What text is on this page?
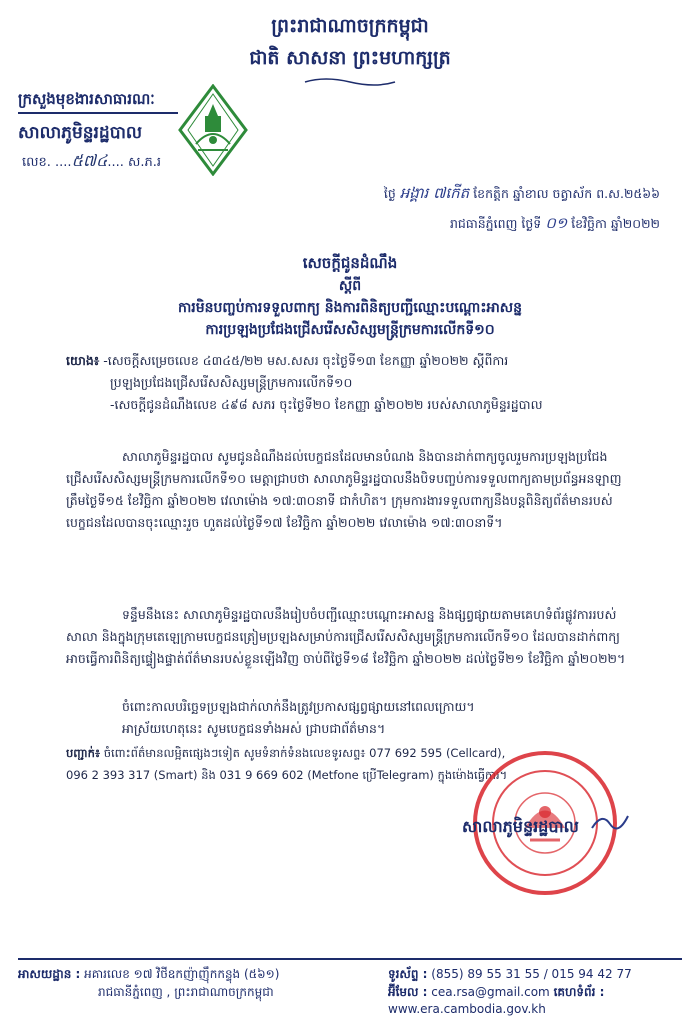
ព្រះរាជាណាចក្រកម្ពុជា
ជាតិ សាសនា ព្រះមហាក្សត្រ
ក្រសួងមុខងារសាធារណៈ
សាលាភូមិន្ទរដ្ឋបាល
លេខ. ....៥៧៤.... ស.ភ.រ
ថ្ងៃ អង្គារ ៧កើត ខែកត្តិក ឆ្នាំខាល ចត្វាស័ក ព.ស.២៥៦៦
រាជធានីភ្នំពេញ ថ្ងៃទី ០១ ខែវិច្ឆិកា ឆ្នាំ២០២២
សេចក្តីជូនដំណឹង
ស្តីពី
ការមិនបញ្ចប់ការទទួលពាក្យ និងការពិនិត្យបញ្ជីឈ្មោះបណ្តោះអាសន្ន
ការប្រឡងប្រជែងជ្រើសរើសសិស្សមន្ត្រីក្រមការលើកទី១០
យោង៖ -សេចក្តីសម្រេចលេខ ៤៣៤៥/២២ មស.សសរ ចុះថ្ងៃទី១៣ ខែកញ្ញា ឆ្នាំ២០២២ ស្តីពីការ
ប្រឡងប្រជែងជ្រើសរើសសិស្សមន្ត្រីក្រមការលើកទី១០
-សេចក្តីជូនដំណឹងលេខ ៤៩៨ សភរ ចុះថ្ងៃទី២០ ខែកញ្ញា ឆ្នាំ២០២២ របស់សាលាភូមិន្ទរដ្ឋបាល
សាលាភូមិន្ទរដ្ឋបាល សូមជូនដំណឹងដល់បេក្ខជនដែលមានបំណង និងបានដាក់ពាក្យចូលរួមការប្រឡងប្រជែងជ្រើសរើសសិស្សមន្ត្រីក្រមការលើកទី១០ មេត្តាជ្រាបថា សាលាភូមិន្ទរដ្ឋបាលនឹងបិទបញ្ចប់ការទទួលពាក្យតាមប្រព័ន្ធអនឡាញត្រឹមថ្ងៃទី១៥ ខែវិច្ឆិកា ឆ្នាំ២០២២ វេលាម៉ោង ១៧:៣០នាទី ជាកំហិត។ ក្រុមការងារទទួលពាក្យនឹងបន្តពិនិត្យព័ត៌មានរបស់បេក្ខជនដែលបានចុះឈ្មោះរួច ហួតដល់ថ្ងៃទី១៧ ខែវិច្ឆិកា ឆ្នាំ២០២២ វេលាម៉ោង ១៧:៣០នាទី។
ទន្ទឹមនឹងនេះ សាលាភូមិន្ទរដ្ឋបាលនឹងរៀបចំបញ្ជីឈ្មោះបណ្តោះអាសន្ន និងផ្សព្វផ្សាយតាមគេហទំព័រផ្លូវការរបស់សាលា និងក្នុងក្រុមតេឡេក្រាមបេក្ខជនត្រៀមប្រឡងសម្រាប់ការជ្រើសរើសសិស្សមន្ត្រីក្រមការលើកទី១០ ដែលបានដាក់ពាក្យអាចធ្វើការពិនិត្យផ្ទៀងផ្ទាត់ព័ត៌មានរបស់ខ្លួនឡើងវិញ ចាប់ពីថ្ងៃទី១៨ ខែវិច្ឆិកា ឆ្នាំ២០២២ ដល់ថ្ងៃទី២១ ខែវិច្ឆិកា ឆ្នាំ២០២២។
ចំពោះកាលបរិច្ឆេទប្រឡងជាក់លាក់នឹងត្រូវប្រកាសផ្សព្វផ្សាយនៅពេលក្រោយ។
អាស្រ័យហេតុនេះ សូមបេក្ខជនទាំងអស់ ជ្រាបជាព័ត៌មាន។
បញ្ជាក់៖ ចំពោះព័ត៌មានលម្អិតផ្សេងៗទៀត សូមទំនាក់ទំនងលេខទូរសព្ទ៖ 077 692 595 (Cellcard),
096 2 393 317 (Smart) និង 031 9 669 602 (Metfone ប្រើTelegram) ក្នុងម៉ោងធ្វើការ។
សាលាភូមិន្ទរដ្ឋបាល
អាសយដ្ឋាន : អគារលេខ ១៧ វិថីឧកញ៉ាញ៉ឹកកន្ទុង (៥៦១)
រាជធានីភ្នំពេញ , ព្រះរាជាណាចក្រកម្ពុជា
ទូរស័ព្ទ : (855) 89 55 31 55 / 015 94 42 77
អ៊ីមែល : cea.rsa@gmail.com គេហទំព័រ : www.era.cambodia.gov.kh
